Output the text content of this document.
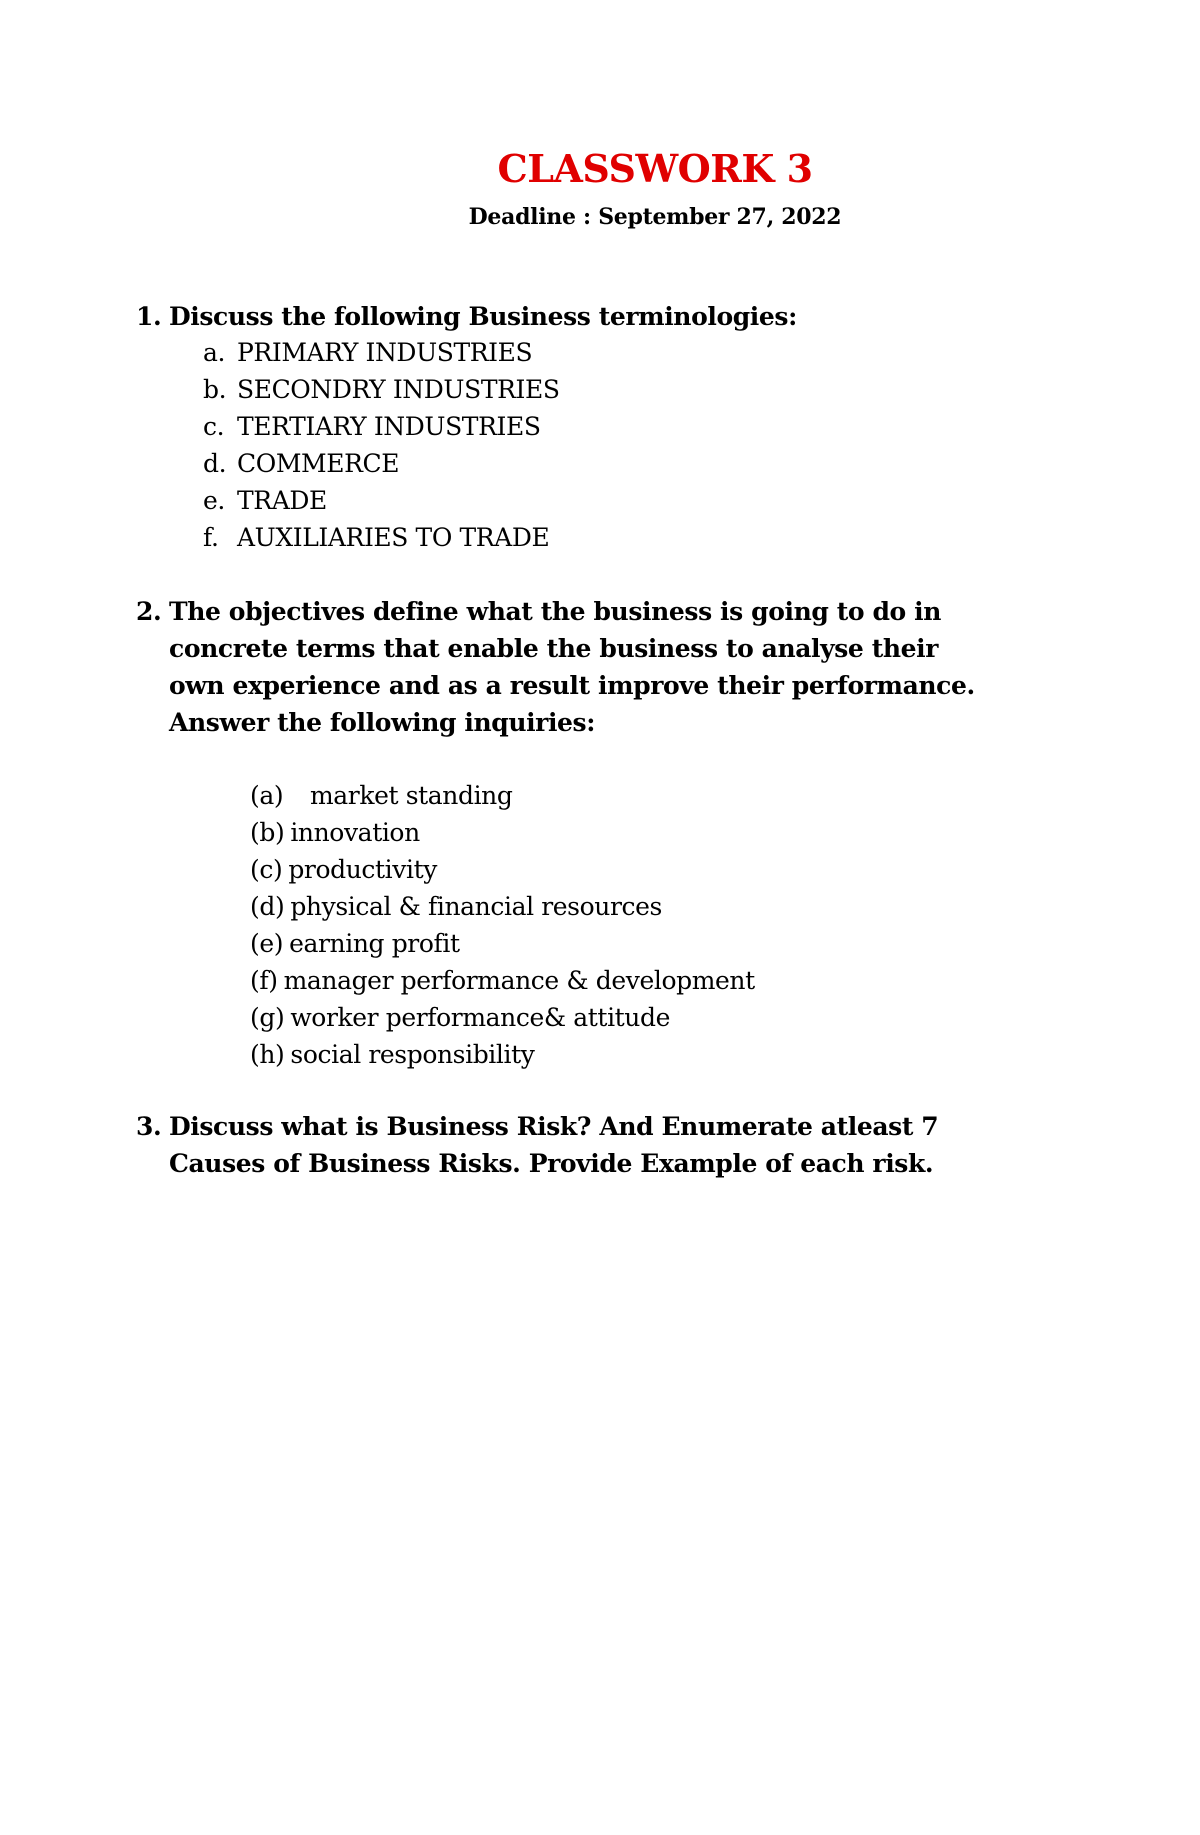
CLASSWORK 3
Deadline : September 27, 2022
1. Discuss the following Business terminologies:
a. PRIMARY INDUSTRIES
b. SECONDRY INDUSTRIES
c. TERTIARY INDUSTRIES
d. COMMERCE
e. TRADE
f. AUXILIARIES TO TRADE
2. The objectives define what the business is going to do in
concrete terms that enable the business to analyse their
own experience and as a result improve their performance.
Answer the following inquiries:
(a) market standing
(b) innovation
(c) productivity
(d) physical & financial resources
(e) earning profit
(f) manager performance & development
(g) worker performance& attitude
(h) social responsibility
3. Discuss what is Business Risk? And Enumerate atleast 7
Causes of Business Risks. Provide Example of each risk.
